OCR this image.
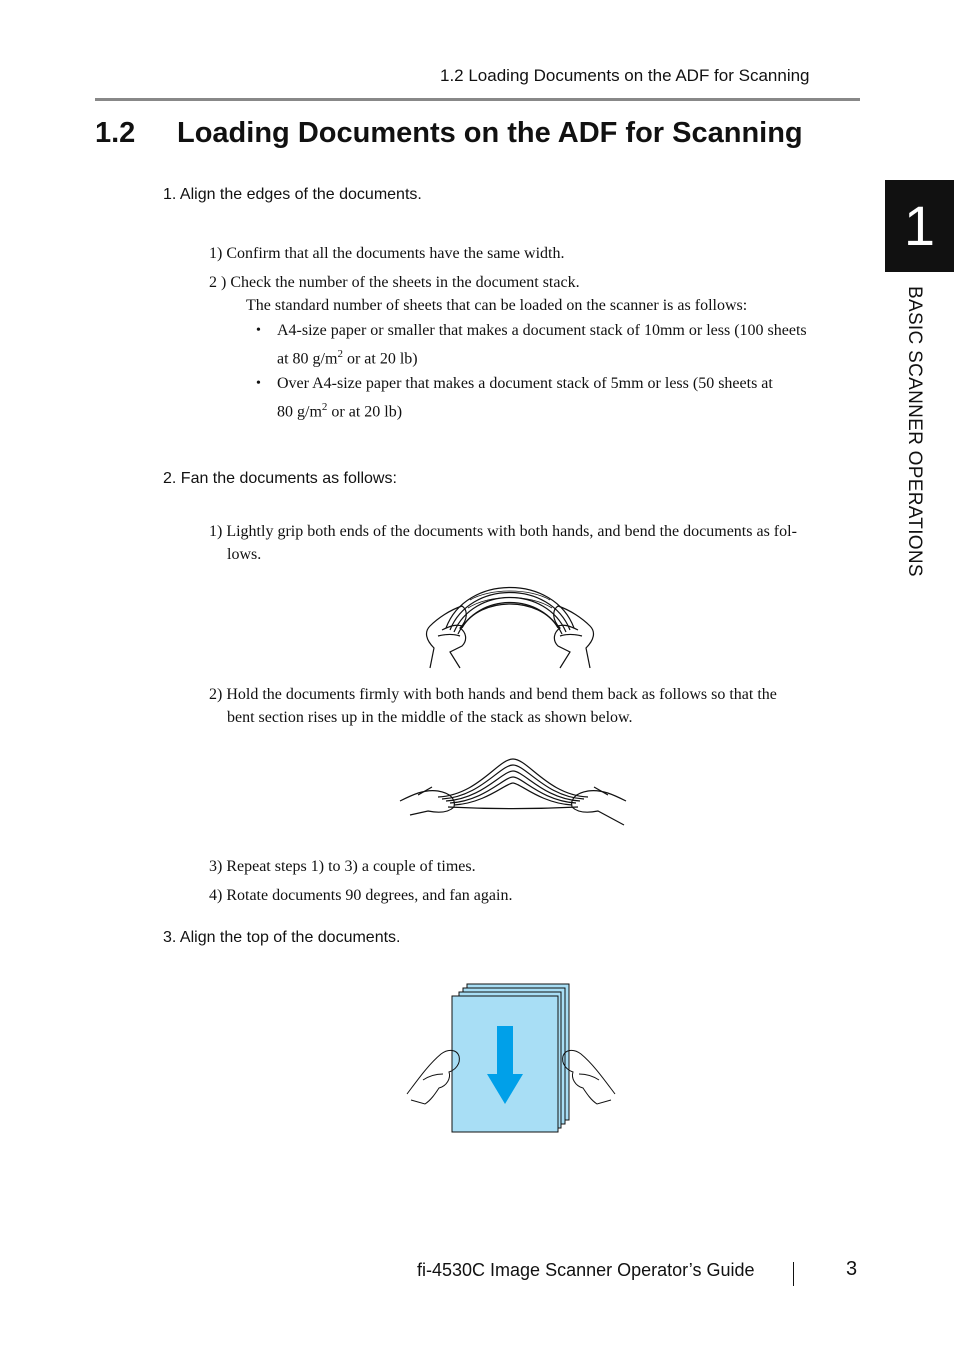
1.2 Loading Documents on the ADF for Scanning
1.2 Loading Documents on the ADF for Scanning
1
BASIC SCANNER OPERATIONS
1. Align the edges of the documents.
1) Confirm that all the documents have the same width.
2 ) Check the number of the sheets in the document stack.
The standard number of sheets that can be loaded on the scanner is as follows:
• A4-size paper or smaller that makes a document stack of 10mm or less (100 sheets
at 80 $g/m^2$ or at 20 lb)
• Over A4-size paper that makes a document stack of 5mm or less (50 sheets at
80 $g/m^2$ or at 20 lb)
2. Fan the documents as follows:
1) Lightly grip both ends of the documents with both hands, and bend the documents as fol-
lows.
2) Hold the documents firmly with both hands and bend them back as follows so that the
bent section rises up in the middle of the stack as shown below.
3) Repeat steps 1) to 3) a couple of times.
4) Rotate documents 90 degrees, and fan again.
3. Align the top of the documents.
fi-4530C Image Scanner Operator’s Guide	3
